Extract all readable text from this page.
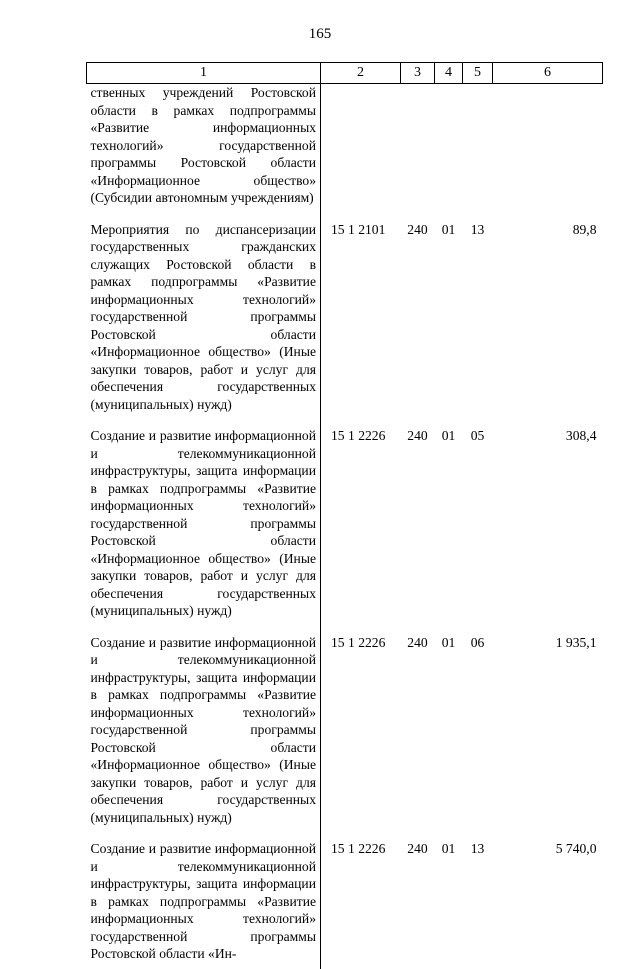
165
1	2	3	4	5	6
ственных учреждений Ростовской области в рамках подпрограммы «Развитие информационных технологий» государственной программы Ростовской области «Информационное общество» (Субсидии автономным учреждениям)					
Мероприятия по диспансеризации государственных гражданских служащих Ростовской области в рамках подпрограммы «Развитие информационных технологий» государственной программы Ростовской области «Информационное общество» (Иные закупки товаров, работ и услуг для обеспечения государственных (муниципальных) нужд)	15 1 2101	240	01	13	89,8
Создание и развитие информационной и телекоммуникационной инфраструктуры, защита информации в рамках подпрограммы «Развитие информационных технологий» государственной программы Ростовской области «Информационное общество» (Иные закупки товаров, работ и услуг для обеспечения государственных (муниципальных) нужд)	15 1 2226	240	01	05	308,4
Создание и развитие информационной и телекоммуникационной инфраструктуры, защита информации в рамках подпрограммы «Развитие информационных технологий» государственной программы Ростовской области «Информационное общество» (Иные закупки товаров, работ и услуг для обеспечения государственных (муниципальных) нужд)	15 1 2226	240	01	06	1 935,1
Создание и развитие информационной и телекоммуникационной инфраструктуры, защита информации в рамках подпрограммы «Развитие информационных технологий» государственной программы Ростовской области «Ин-	15 1 2226	240	01	13	5 740,0
